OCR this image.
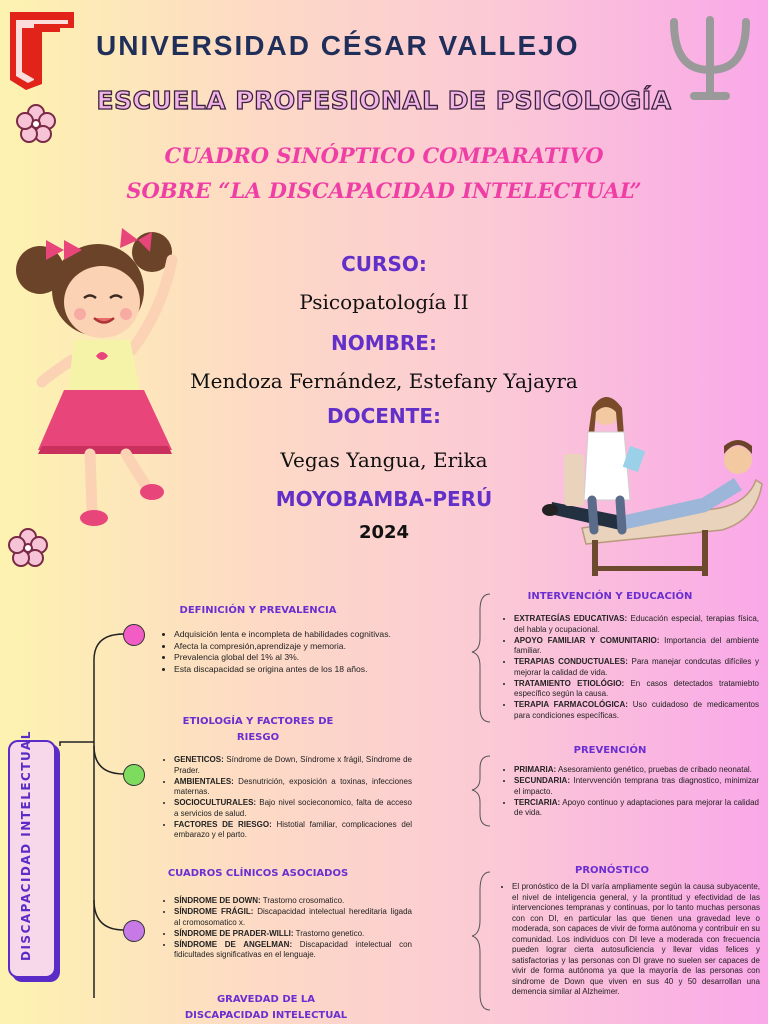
UNIVERSIDAD CÉSAR VALLEJO
ESCUELA PROFESIONAL DE PSICOLOGÍA
CUADRO SINÓPTICO COMPARATIVO SOBRE “LA DISCAPACIDAD INTELECTUAL”
CURSO:
Psicopatología II
NOMBRE:
Mendoza Fernández, Estefany Yajayra
DOCENTE:
Vegas Yangua, Erika
MOYOBAMBA-PERÚ
2024
DISCAPACIDAD INTELECTUAL
DEFINICIÓN Y PREVALENCIA
• Adquisición lenta e incompleta de habilidades cognitivas.
• Afecta la compresión,aprendizaje y memoria.
• Prevalencia global del 1% al 3%.
• Esta discapacidad se origina antes de los 18 años.
ETIOLOGÍA Y FACTORES DE RIESGO
• GENETICOS: Síndrome de Down, Síndrome x frágil, Síndrome de Prader.
• AMBIENTALES: Desnutrición, exposición a toxinas, infecciones maternas.
• SOCIOCULTURALES: Bajo nivel socieconomico, falta de acceso a servicios de salud.
• FACTORES DE RIESGO: Histotial familiar, complicaciones del embarazo y el parto.
CUADROS CLÍNICOS ASOCIADOS
• SÍNDROME DE DOWN: Trastorno crosomatico.
• SÍNDROME FRÁGIL: Discapacidad intelectual hereditaria ligada al cromosomatico x.
• SÍNDROME DE PRADER-WILLI: Trastorno genetico.
• SÍNDROME DE ANGELMAN: Discapacidad intelectual con fidicultades significativas en el lenguaje.
GRAVEDAD DE LA DISCAPACIDAD INTELECTUAL
INTERVENCIÓN Y EDUCACIÓN
• EXTRATEGÍAS EDUCATIVAS: Educación especial, terapias física, del habla y ocupacional.
• APOYO FAMILIAR Y COMUNITARIO: Importancia del ambiente familiar.
• TERAPIAS CONDUCTUALES: Para manejar condcutas difíciles y mejorar la calidad de vida.
• TRATAMIENTO ETIOLÓGIO: En casos detectados tratamiebto específico según la causa.
• TERAPIA FARMACOLÓGICA: Uso cuidadoso de medicamentos para condiciones específicas.
PREVENCIÓN
• PRIMARIA: Asesoramiento genético, pruebas de cribado neonatal.
• SECUNDARIA: Intervvención temprana tras diagnostico, minimizar el impacto.
• TERCIARIA: Apoyo continuo y adaptaciones para mejorar la calidad de vida.
PRONÓSTICO
• El pronóstico de la DI varía ampliamente según la causa subyacente, el nivel de inteligencia general, y la prontitud y efectividad de las intervenciones tempranas y continuas, por lo tanto muchas personas con con DI, en particular las que tienen una gravedad leve o moderada, son capaces de vivir de forma autónoma y contribuir en su comunidad. Los individuos con DI leve a moderada con frecuencia pueden lograr cierta autosuficiencia y llevar vidas felices y satisfactorias y las personas con DI grave no suelen ser capaces de vivir de forma autónoma ya que la mayoría de las personas con sindrome de Down que viven en sus 40 y 50 desarrollan una demencia similar al Alzheimer.
